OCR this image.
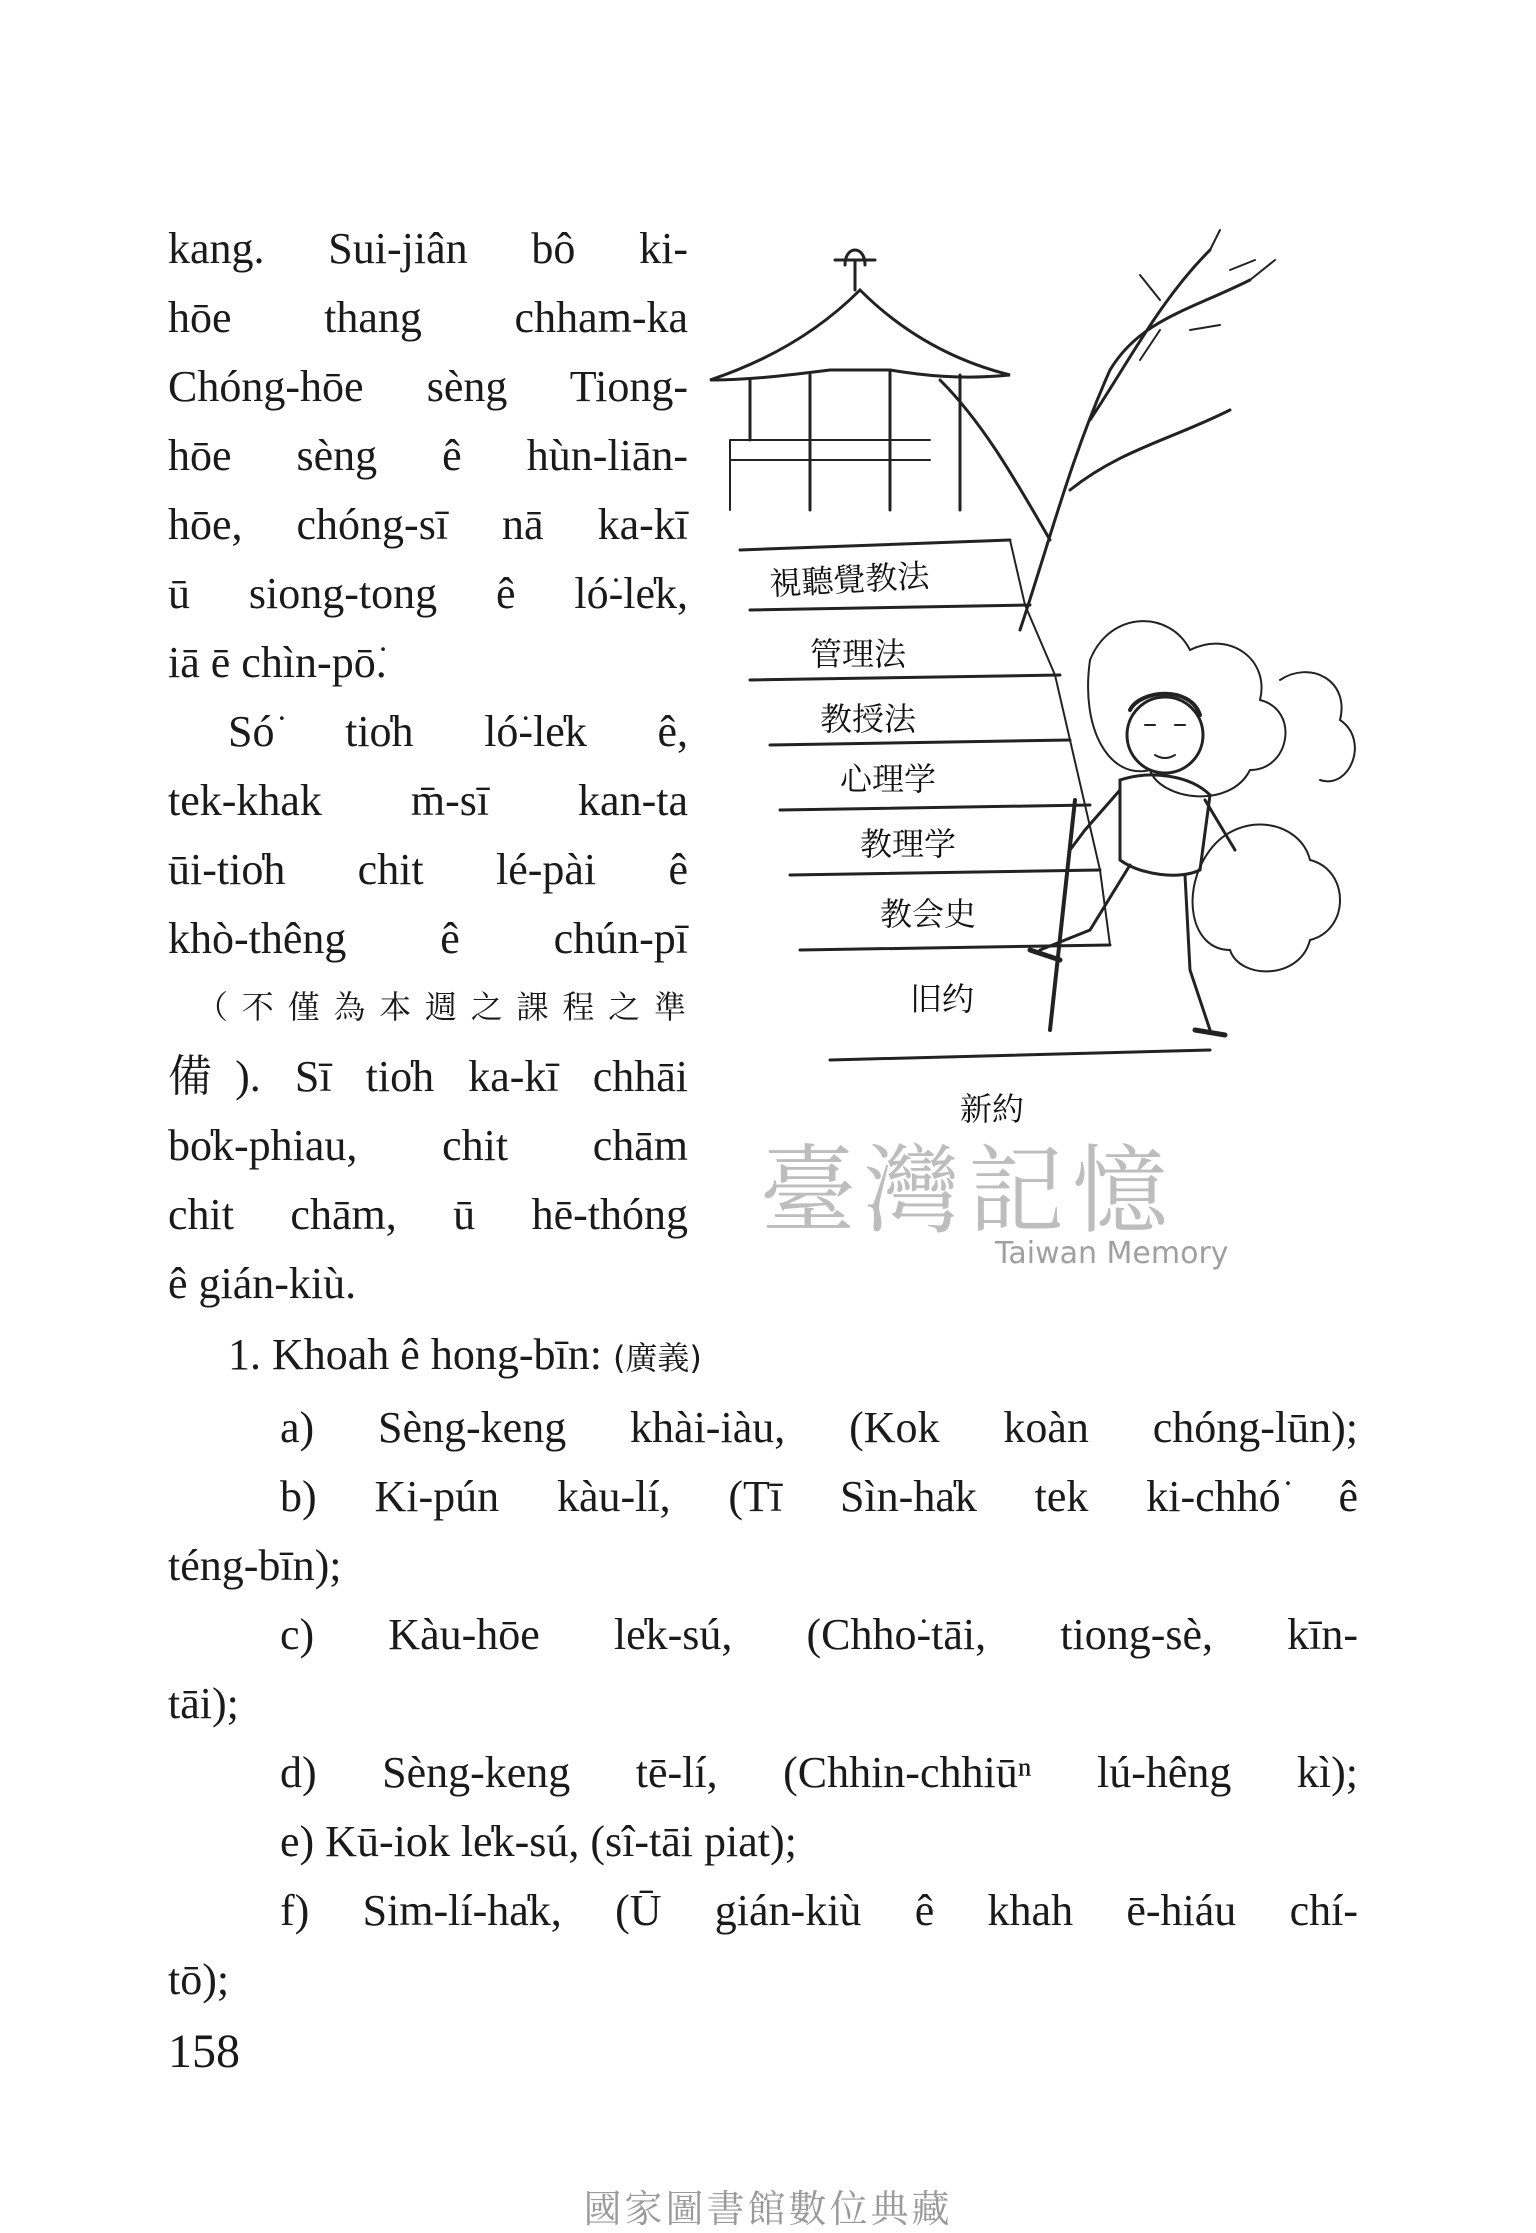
kang. Sui-jiân bô ki-
hōe thang chham-ka
Chóng-hōe sèng Tiong-
hōe sèng ê hùn-liān-
hōe, chóng-sī nā ka-kī
ū siong-tong ê ló͘-le̍k,
iā ē chìn-pō͘.
Só͘ tio̍h ló͘-le̍k ê,
tek-khak m̄-sī kan-ta
ūi-tio̍h chit lé-pài ê
khò-thêng ê chún-pī
（不僅為本週之課程之準
備). Sī tio̍h ka-kī chhāi
bo̍k-phiau, chit chām
chit chām, ū hē-thóng
ê gián-kiù.
視聽覺教法
管理法
教授法
心理学
教理学
教会史
旧约
新約
臺灣記憶
Taiwan Memory
1. Khoah ê hong-bīn: (廣義)
a) Sèng-keng khài-iàu, (Kok koàn chóng-lūn);
b) Ki-pún kàu-lí, (Tī Sìn-ha̍k tek ki-chhó͘ ê
téng-bīn);
c) Kàu-hōe le̍k-sú, (Chho͘-tāi, tiong-sè, kīn-
tāi);
d) Sèng-keng tē-lí, (Chhin-chhiūⁿ lú-hêng kì);
e) Kū-iok le̍k-sú, (sî-tāi piat);
f) Sim-lí-ha̍k, (Ū gián-kiù ê khah ē-hiáu chí-
tō);
158
國家圖書館數位典藏
